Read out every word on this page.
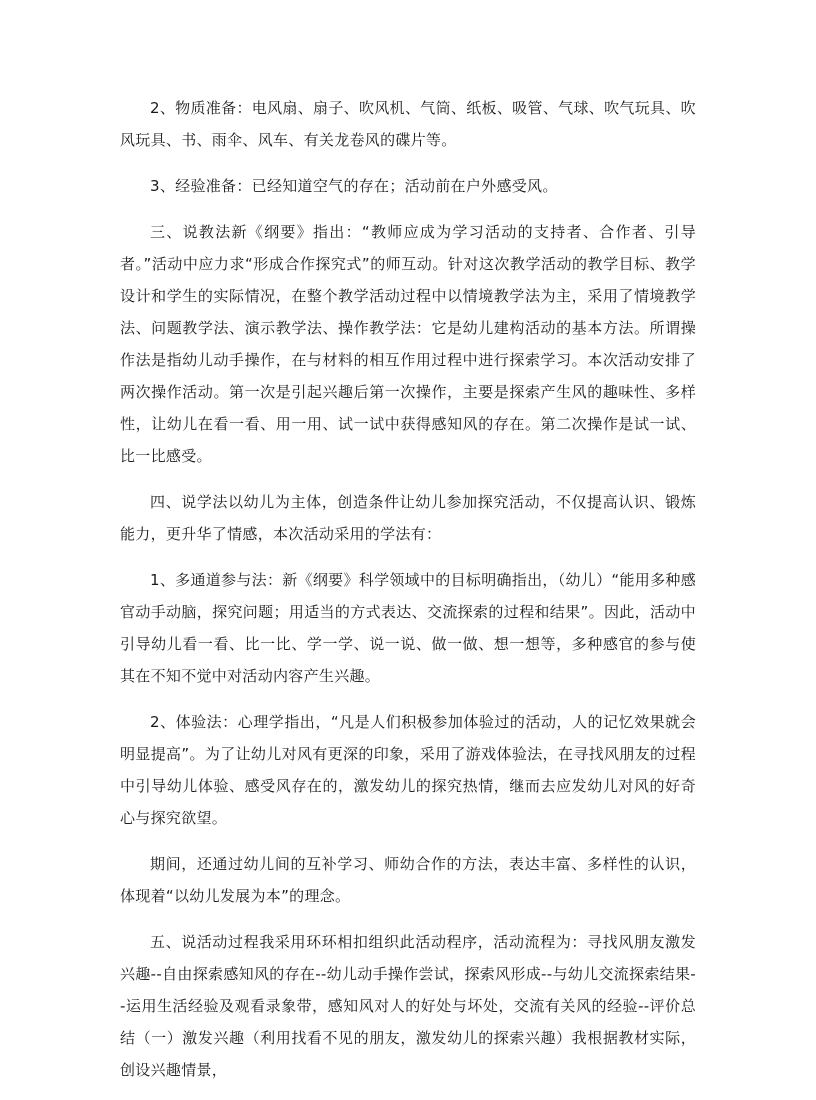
2、物质准备：电风扇、扇子、吹风机、气筒、纸板、吸管、气球、吹气玩具、吹风玩具、书、雨伞、风车、有关龙卷风的碟片等。

3、经验准备：已经知道空气的存在；活动前在户外感受风。

三、说教法新《纲要》指出：“教师应成为学习活动的支持者、合作者、引导者。”活动中应力求“形成合作探究式”的师互动。针对这次教学活动的教学目标、教学设计和学生的实际情况，在整个教学活动过程中以情境教学法为主，采用了情境教学法、问题教学法、演示教学法、操作教学法：它是幼儿建构活动的基本方法。所谓操作法是指幼儿动手操作，在与材料的相互作用过程中进行探索学习。本次活动安排了两次操作活动。第一次是引起兴趣后第一次操作，主要是探索产生风的趣味性、多样性，让幼儿在看一看、用一用、试一试中获得感知风的存在。第二次操作是试一试、比一比感受。

四、说学法以幼儿为主体，创造条件让幼儿参加探究活动，不仅提高认识、锻炼能力，更升华了情感，本次活动采用的学法有：

1、多通道参与法：新《纲要》科学领域中的目标明确指出，（幼儿）“能用多种感官动手动脑，探究问题；用适当的方式表达、交流探索的过程和结果”。因此，活动中引导幼儿看一看、比一比、学一学、说一说、做一做、想一想等，多种感官的参与使其在不知不觉中对活动内容产生兴趣。

2、体验法：心理学指出，“凡是人们积极参加体验过的活动，人的记忆效果就会明显提高”。为了让幼儿对风有更深的印象，采用了游戏体验法，在寻找风朋友的过程中引导幼儿体验、感受风存在的，激发幼儿的探究热情，继而去应发幼儿对风的好奇心与探究欲望。

期间，还通过幼儿间的互补学习、师幼合作的方法，表达丰富、多样性的认识，体现着“以幼儿发展为本”的理念。

五、说活动过程我采用环环相扣组织此活动程序，活动流程为：寻找风朋友激发兴趣--自由探索感知风的存在--幼儿动手操作尝试，探索风形成--与幼儿交流探索结果--运用生活经验及观看录象带，感知风对人的好处与坏处，交流有关风的经验--评价总结（一）激发兴趣（利用找看不见的朋友，激发幼儿的探索兴趣）我根据教材实际，创设兴趣情景，
